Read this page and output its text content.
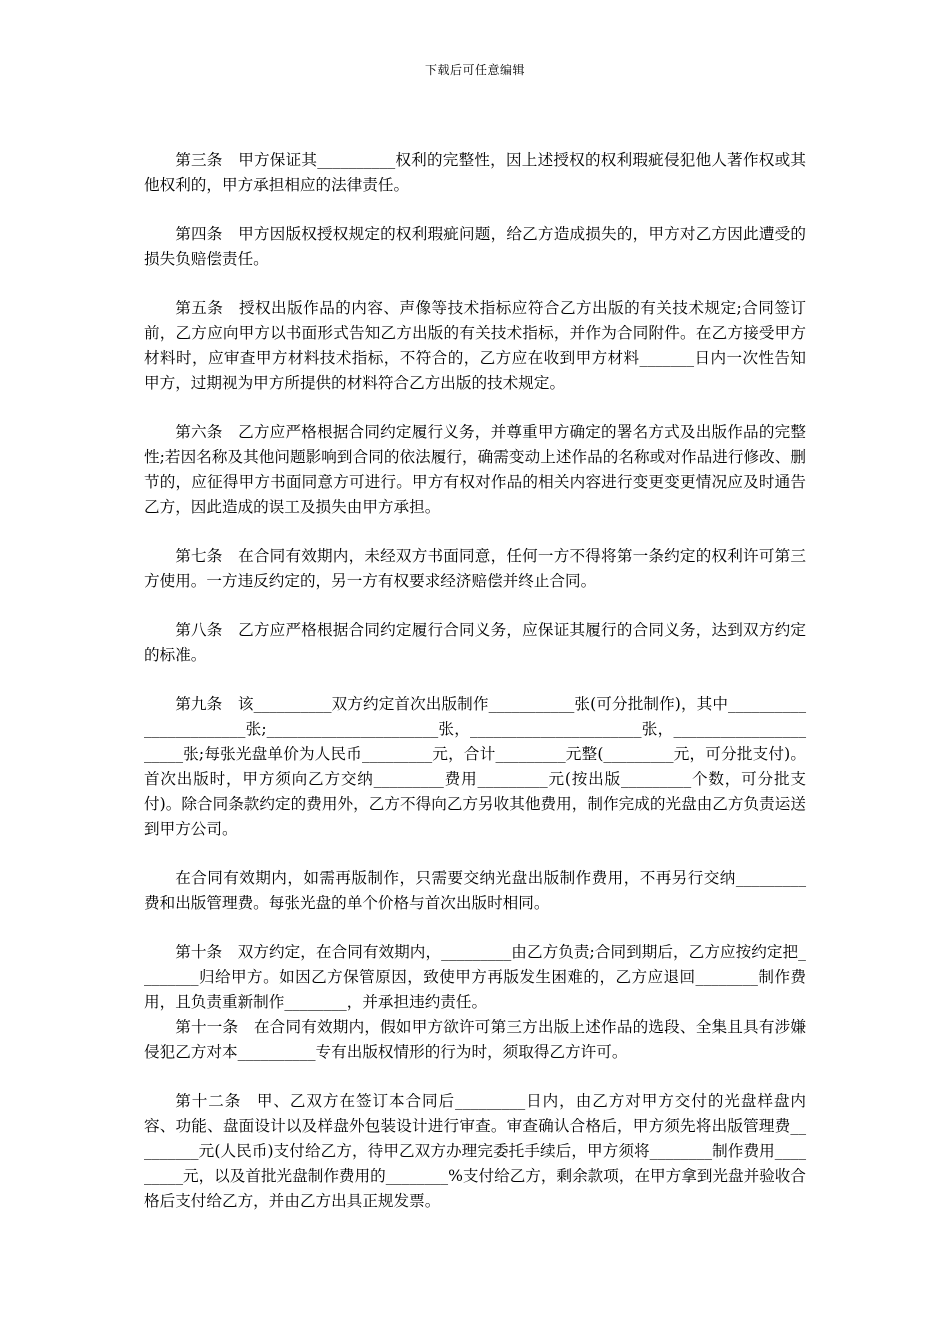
下载后可任意编辑

第三条 甲方保证其__________权利的完整性，因上述授权的权利瑕疵侵犯他人著作权或其他权利的，甲方承担相应的法律责任。

第四条 甲方因版权授权规定的权利瑕疵问题，给乙方造成损失的，甲方对乙方因此遭受的损失负赔偿责任。

第五条 授权出版作品的内容、声像等技术指标应符合乙方出版的有关技术规定;合同签订前，乙方应向甲方以书面形式告知乙方出版的有关技术指标，并作为合同附件。在乙方接受甲方材料时，应审查甲方材料技术指标，不符合的，乙方应在收到甲方材料_______日内一次性告知甲方，过期视为甲方所提供的材料符合乙方出版的技术规定。

第六条 乙方应严格根据合同约定履行义务，并尊重甲方确定的署名方式及出版作品的完整性;若因名称及其他问题影响到合同的依法履行，确需变动上述作品的名称或对作品进行修改、删节的，应征得甲方书面同意方可进行。甲方有权对作品的相关内容进行变更变更情况应及时通告乙方，因此造成的误工及损失由甲方承担。

第七条 在合同有效期内，未经双方书面同意，任何一方不得将第一条约定的权利许可第三方使用。一方违反约定的，另一方有权要求经济赔偿并终止合同。

第八条 乙方应严格根据合同约定履行合同义务，应保证其履行的合同义务，达到双方约定的标准。

第九条 该__________双方约定首次出版制作___________张(可分批制作)，其中_______________________张;______________________张，______________________张，______________________张;每张光盘单价为人民币_________元，合计_________元整(_________元，可分批支付)。首次出版时，甲方须向乙方交纳_________费用_________元(按出版_________个数，可分批支付)。除合同条款约定的费用外，乙方不得向乙方另收其他费用，制作完成的光盘由乙方负责运送到甲方公司。

在合同有效期内，如需再版制作，只需要交纳光盘出版制作费用，不再另行交纳_________费和出版管理费。每张光盘的单个价格与首次出版时相同。

第十条 双方约定，在合同有效期内，_________由乙方负责;合同到期后，乙方应按约定把________归给甲方。如因乙方保管原因，致使甲方再版发生困难的，乙方应退回________制作费用，且负责重新制作________，并承担违约责任。

第十一条 在合同有效期内，假如甲方欲许可第三方出版上述作品的选段、全集且具有涉嫌侵犯乙方对本__________专有出版权情形的行为时，须取得乙方许可。

第十二条 甲、乙双方在签订本合同后_________日内，由乙方对甲方交付的光盘样盘内容、功能、盘面设计以及样盘外包装设计进行审查。审查确认合格后，甲方须先将出版管理费_________元(人民币)支付给乙方，待甲乙双方办理完委托手续后，甲方须将________制作费用_________元，以及首批光盘制作费用的________%支付给乙方，剩余款项，在甲方拿到光盘并验收合格后支付给乙方，并由乙方出具正规发票。
